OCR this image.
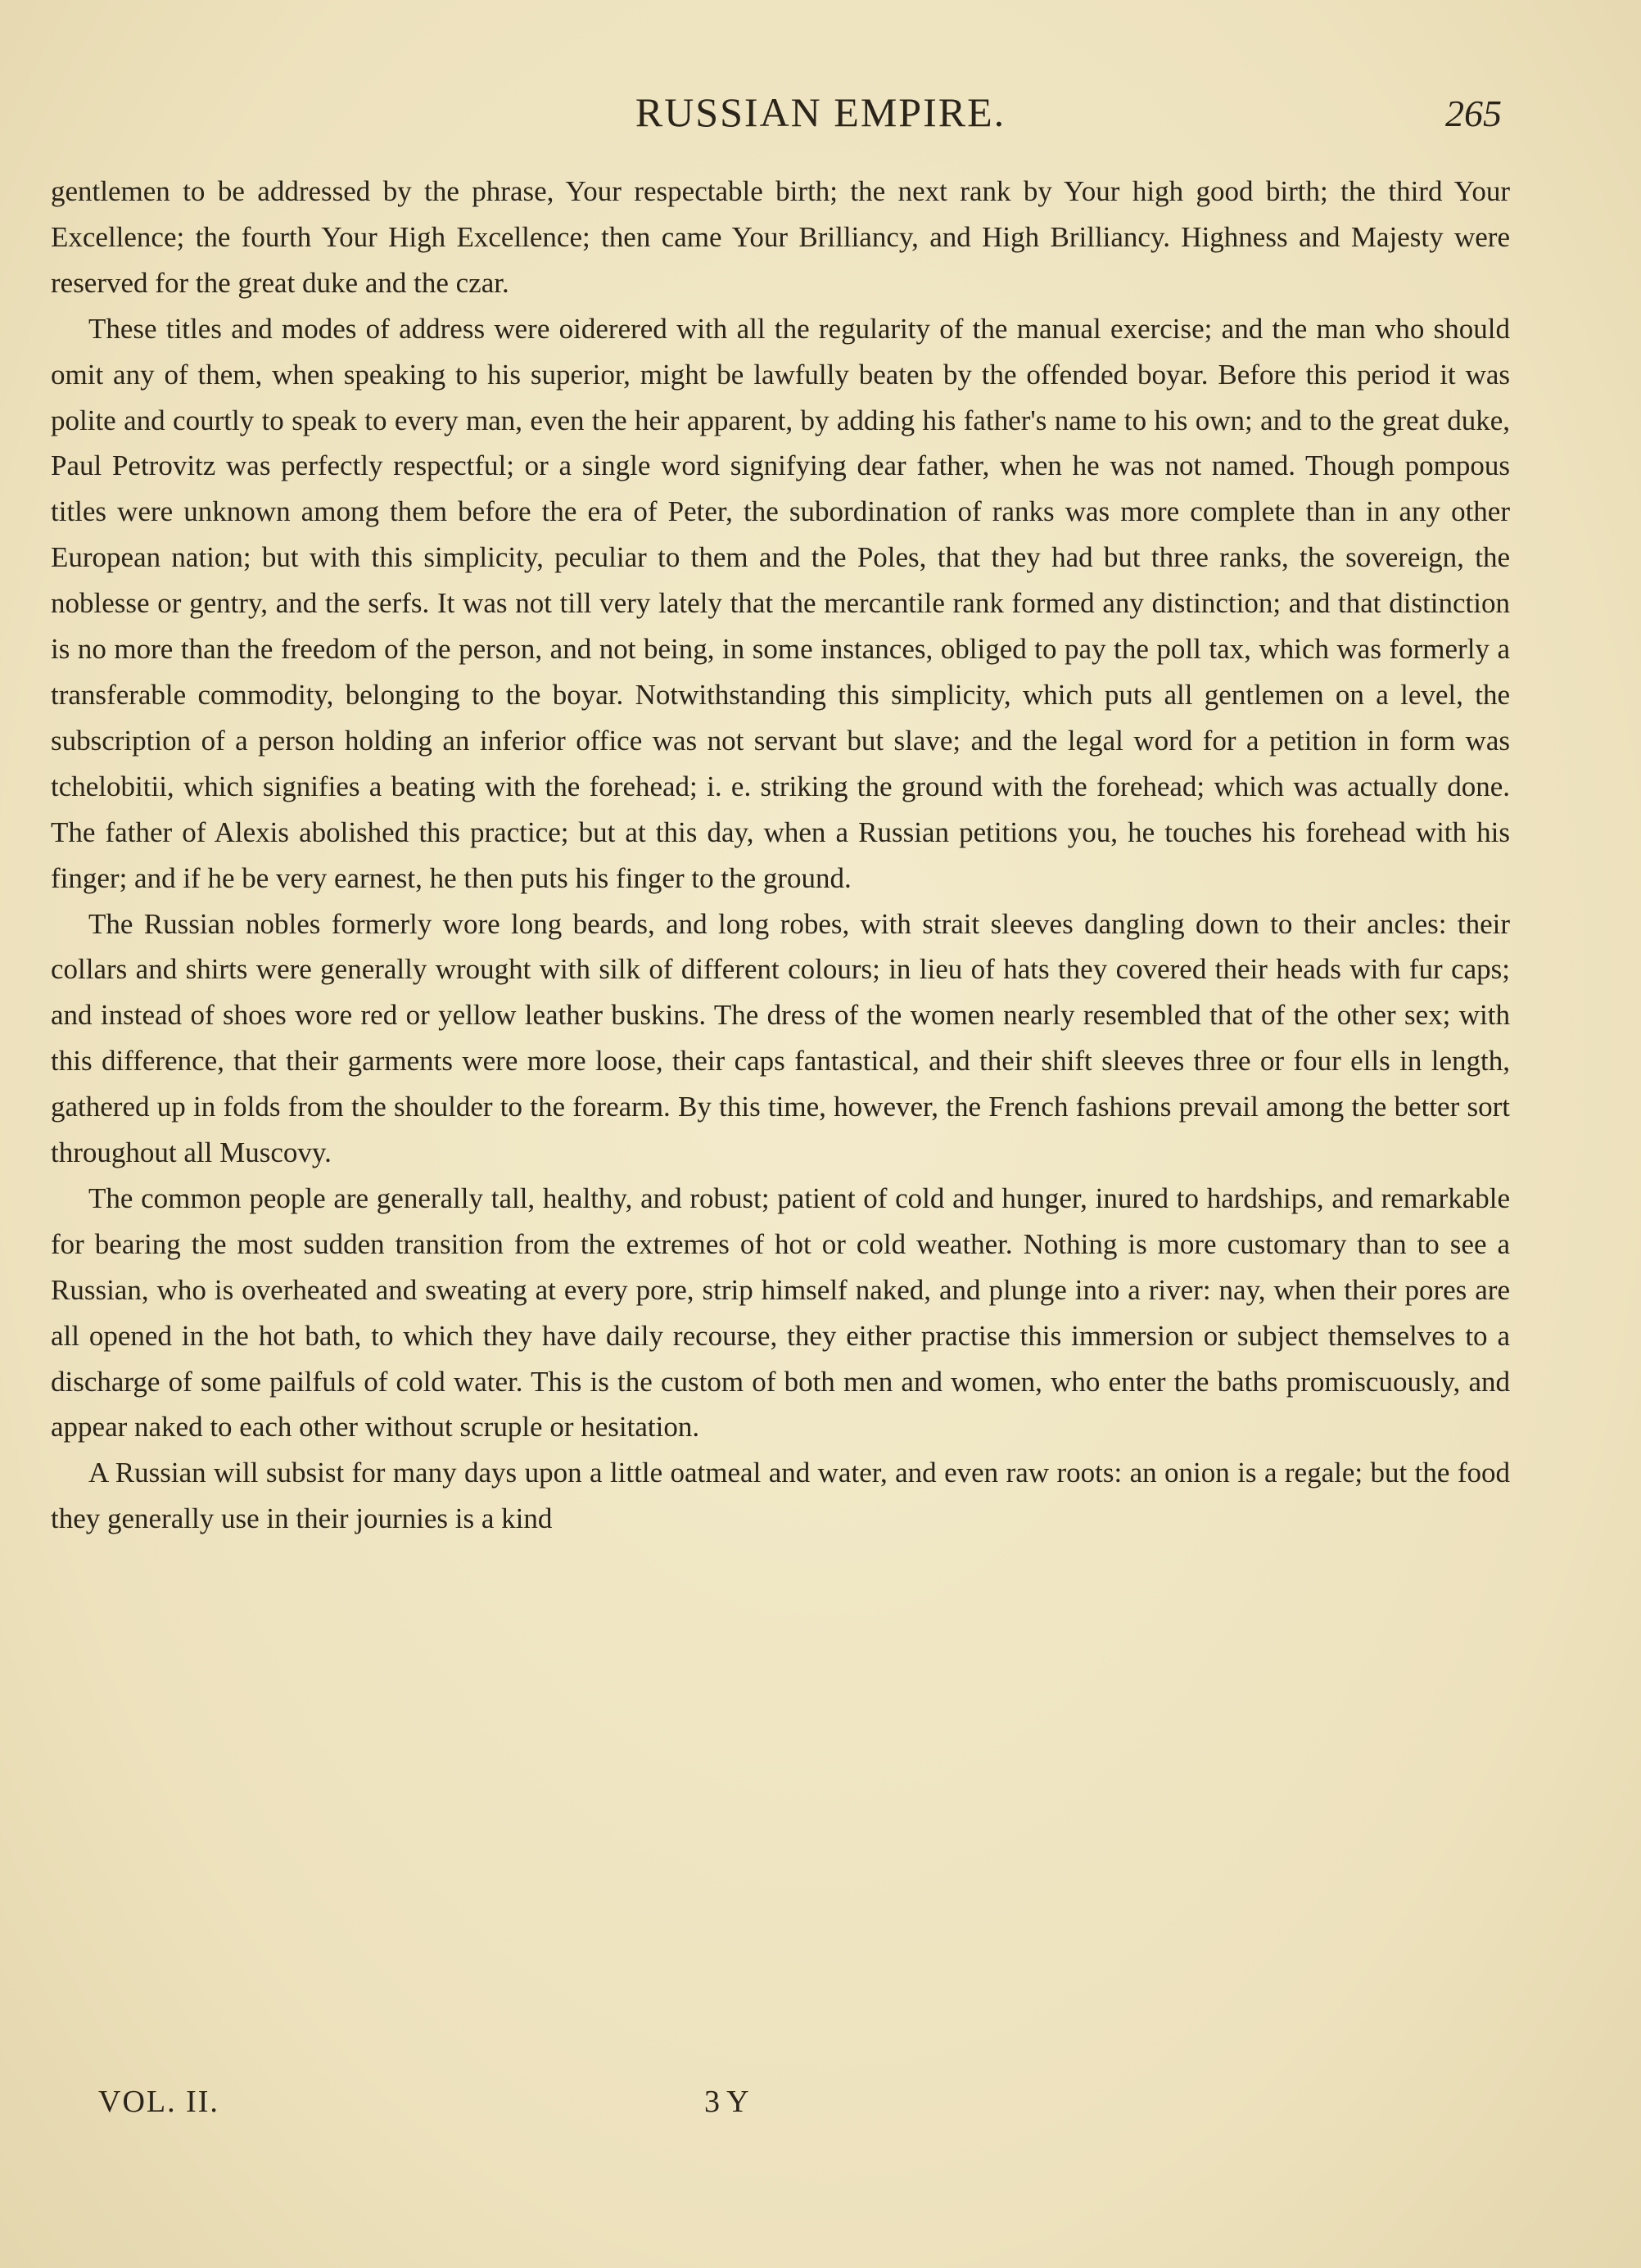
RUSSIAN EMPIRE.	265

gentlemen to be addressed by the phrase, Your respectable birth; the next rank by Your high good birth; the third Your Excellence; the fourth Your High Excellence; then came Your Brilliancy, and High Brilliancy. Highness and Majesty were reserved for the great duke and the czar.

These titles and modes of address were oiderered with all the regularity of the manual exercise; and the man who should omit any of them, when speaking to his superior, might be lawfully beaten by the offended boyar. Before this period it was polite and courtly to speak to every man, even the heir apparent, by adding his father's name to his own; and to the great duke, Paul Petrovitz was perfectly respectful; or a single word signifying dear father, when he was not named. Though pompous titles were unknown among them before the era of Peter, the subordination of ranks was more complete than in any other European nation; but with this simplicity, peculiar to them and the Poles, that they had but three ranks, the sovereign, the noblesse or gentry, and the serfs. It was not till very lately that the mercantile rank formed any distinction; and that distinction is no more than the freedom of the person, and not being, in some instances, obliged to pay the poll tax, which was formerly a transferable commodity, belonging to the boyar. Notwithstanding this simplicity, which puts all gentlemen on a level, the subscription of a person holding an inferior office was not servant but slave; and the legal word for a petition in form was tchelobitii, which signifies a beating with the forehead; i. e. striking the ground with the forehead; which was actually done. The father of Alexis abolished this practice; but at this day, when a Russian petitions you, he touches his forehead with his finger; and if he be very earnest, he then puts his finger to the ground.

The Russian nobles formerly wore long beards, and long robes, with strait sleeves dangling down to their ancles: their collars and shirts were generally wrought with silk of different colours; in lieu of hats they covered their heads with fur caps; and instead of shoes wore red or yellow leather buskins. The dress of the women nearly resembled that of the other sex; with this difference, that their garments were more loose, their caps fantastical, and their shift sleeves three or four ells in length, gathered up in folds from the shoulder to the forearm. By this time, however, the French fashions prevail among the better sort throughout all Muscovy.

The common people are generally tall, healthy, and robust; patient of cold and hunger, inured to hardships, and remarkable for bearing the most sudden transition from the extremes of hot or cold weather. Nothing is more customary than to see a Russian, who is overheated and sweating at every pore, strip himself naked, and plunge into a river: nay, when their pores are all opened in the hot bath, to which they have daily recourse, they either practise this immersion or subject themselves to a discharge of some pailfuls of cold water. This is the custom of both men and women, who enter the baths promiscuously, and appear naked to each other without scruple or hesitation.

A Russian will subsist for many days upon a little oatmeal and water, and even raw roots: an onion is a regale; but the food they generally use in their journies is a kind

VOL. II.	3 Y
